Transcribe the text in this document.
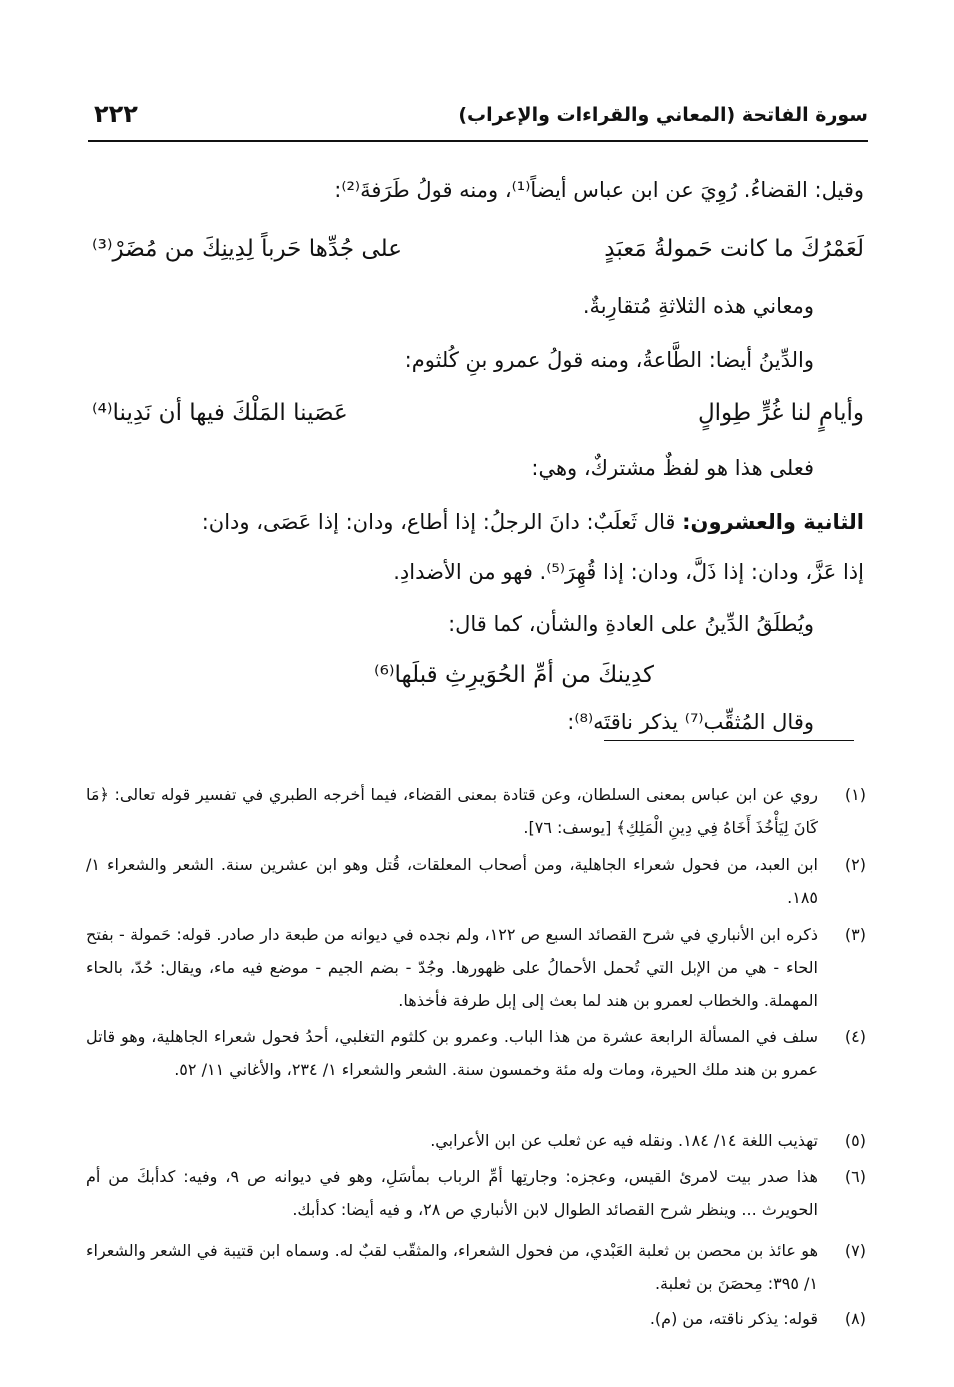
سورة الفاتحة (المعاني والقراءات والإعراب)
٢٢٢
وقيل: القضاءُ. رُوِيَ عن ابن عباس أيضاً⁽¹⁾، ومنه قولُ طَرَفةَ⁽²⁾:
لَعَمْرُكَ ما كانت حَمولةُ مَعبَدٍ
على جُدِّها حَرباً لِدِينِكَ من مُضَرْ⁽³⁾
ومعاني هذه الثلاثةِ مُتقارِبةٌ.
والدِّينُ أيضا: الطَّاعةُ، ومنه قولُ عمرو بنِ كُلثوم:
وأيامٍ لنا غُرٍّ طِوالٍ
عَصَينا المَلْكَ فيها أن نَدِينا⁽⁴⁾
فعلى هذا هو لفظٌ مشتركٌ، وهي:
الثانية والعشرون: قال ثَعلَبٌ: دانَ الرجلُ: إذا أطاع، ودان: إذا عَصَى، ودان:
إذا عَزَّ، ودان: إذا ذَلَّ، ودان: إذا قُهِرَ⁽⁵⁾. فهو من الأضدادِ.
ويُطلَقُ الدِّينُ على العادةِ والشأن، كما قال:
كدِينكَ من أمِّ الحُوَيرِثِ قبلَها⁽⁶⁾
وقال المُثقِّب⁽⁷⁾ يذكر ناقتَه⁽⁸⁾:
(١)
روي عن ابن عباس بمعنى السلطان، وعن قتادة بمعنى القضاء، فيما أخرجه الطبري في تفسير قوله تعالى: ﴿مَا كَانَ لِيَأْخُذَ أَخَاهُ فِي دِينِ الْمَلِكِ﴾ [يوسف: ٧٦].
(٢)
ابن العبد، من فحول شعراء الجاهلية، ومن أصحاب المعلقات، قُتل وهو ابن عشرين سنة. الشعر والشعراء ١/ ١٨٥.
(٣)
ذكره ابن الأنباري في شرح القصائد السبع ص ١٢٢، ولم نجده في ديوانه من طبعة دار صادر. قوله: حَمولة - بفتح الحاء - هي من الإبل التي تُحمل الأحمالُ على ظهورها. وجُدّ - بضم الجيم - موضع فيه ماء، ويقال: حُدّ، بالحاء المهملة. والخطاب لعمرو بن هند لما بعث إلى إبل طرفة فأخذها.
(٤)
سلف في المسألة الرابعة عشرة من هذا الباب. وعمرو بن كلثوم التغلبي، أحدُ فحول شعراء الجاهلية، وهو قاتل عمرو بن هند ملك الحيرة، ومات وله مئة وخمسون سنة. الشعر والشعراء ١/ ٢٣٤، والأغاني ١١/ ٥٢.
(٥)
تهذيب اللغة ١٤/ ١٨٤. ونقله فيه عن ثعلب عن ابن الأعرابي.
(٦)
هذا صدر بيت لامرئ القيس، وعجزه: وجارتِها أمِّ الرباب بمأسَلِ، وهو في ديوانه ص ٩، وفيه: كدأبكَ من أم الحويرث ... وينظر شرح القصائد الطوال لابن الأنباري ص ٢٨، و فيه أيضا: كدأبك.
(٧)
هو عائذ بن محصن بن ثعلبة العَبْدي، من فحول الشعراء، والمثقّب لقبٌ له. وسماه ابن قتيبة في الشعر والشعراء ١/ ٣٩٥: مِحصَنَ بن ثعلبة.
(٨)
قوله: يذكر ناقته، من (م).
